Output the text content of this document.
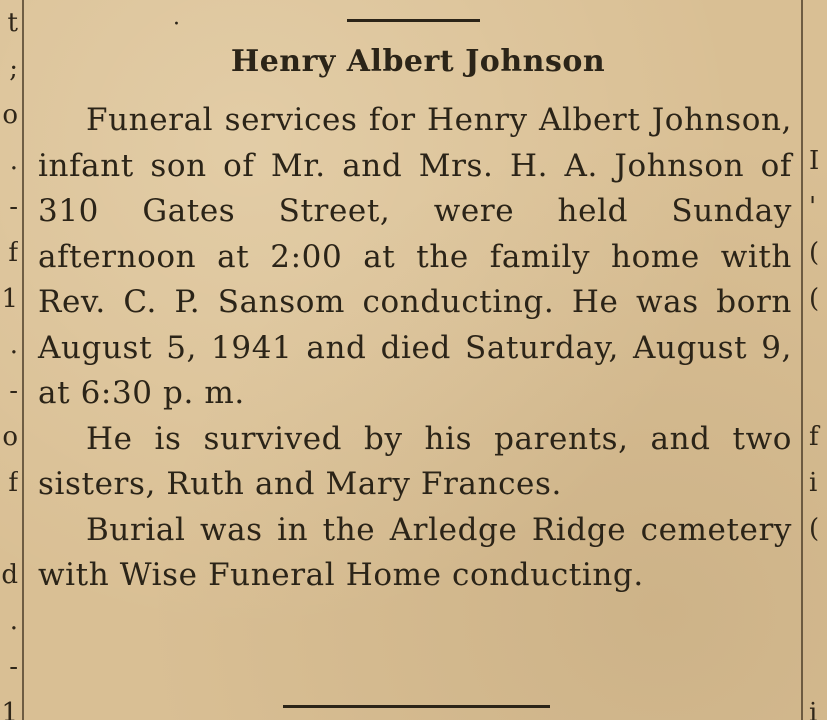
t
;
o
.
-
f
1
.
-
o
f
d
.
-
1
·
Henry Albert Johnson

Funeral services for Henry Albert Johnson, infant son of Mr. and Mrs. H. A. Johnson of 310 Gates Street, were held Sunday afternoon at 2:00 at the family home with Rev. C. P. Sansom conducting. He was born August 5, 1941 and died Saturday, August 9, at 6:30 p. m.

He is survived by his parents, and two sisters, Ruth and Mary Frances.

Burial was in the Arledge Ridge cemetery with Wise Funeral Home conducting.

I
'
(
(
f
i
(
i
